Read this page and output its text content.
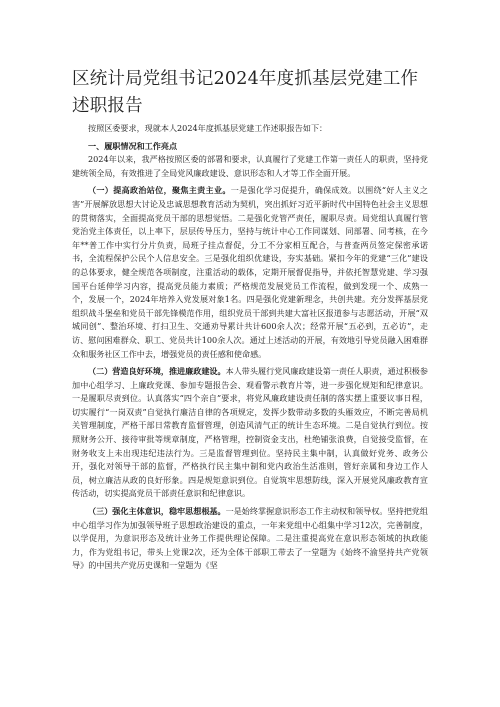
区统计局党组书记2024年度抓基层党建工作述职报告

按照区委要求，现就本人2024年度抓基层党建工作述职报告如下：

一、履职情况和工作亮点

2024年以来，我严格按照区委的部署和要求，认真履行了党建工作第一责任人的职责，坚持党建统领全局，有效推进了全局党风廉政建设、意识形态和人才等工作全面开展。

（一）提高政治站位，聚焦主责主业。一是强化学习促提升，确保成效。以围绕“好人主义之害”开展解放思想大讨论及忠诚思想教育活动为契机，突出抓好习近平新时代中国特色社会主义思想的贯彻落实，全面提高党员干部的思想觉悟。二是强化党管严责任，履职尽责。局党组认真履行管党治党主体责任，以上率下，层层传导压力，坚持与统计中心工作同谋划、同部署、同考核，在今年**普工作中实行分片负责，局班子挂点督促，分工不分家相互配合，与普查两员签定保密承诺书，全流程保护公民个人信息安全。三是强化组织优建设，夯实基础。紧扣今年的党建“三化”建设的总体要求，健全规范各项制度，注重活动的载体，定期开展督促指导，并依托智慧党建、学习强国平台延伸学习内容，提高党员能力素质；严格规范发展党员工作流程，做到发现一个、成熟一个，发展一个，2024年培养入党发展对象1名。四是强化党建新理念，共创共建。充分发挥基层党组织战斗堡垒和党员干部先锋模范作用，组织党员干部到共建大富社区报道参与志愿活动，开展“双城同创”、整治环境、打扫卫生、交通劝导累计共计600余人次；经常开展“五必到，五必访”，走访、慰问困难群众、职工、党员共计100余人次。通过上述活动的开展，有效地引导党员融入困难群众和服务社区工作中去，增强党员的责任感和使命感。

（二）营造良好环境，推进廉政建设。本人带头履行党风廉政建设第一责任人职责，通过积极参加中心组学习、上廉政党课、参加专题报告会、观看警示教育片等，进一步强化规矩和纪律意识。一是履职尽责到位。认真落实“四个亲自”要求，将党风廉政建设责任制的落实摆上重要议事日程，切实履行“一岗双责”自觉执行廉洁自律的各项规定，发挥少数带动多数的头雁效应，不断完善局机关管理制度，严格干部日常教育监督管理，创造风清气正的统计生态环境。二是自觉执行到位。按照财务公开、接待审批等规章制度，严格管理，控制资金支出，杜绝铺张浪费，自觉接受监督，在财务收支上未出现违纪违法行为。三是监督管理到位。坚持民主集中制，认真做好党务、政务公开，强化对领导干部的监督，严格执行民主集中制和党内政治生活准则，管好亲属和身边工作人员，树立廉洁从政的良好形象。四是规矩意识到位。自觉筑牢思想防线，深入开展党风廉政教育宣传活动，切实提高党员干部责任意识和纪律意识。

（三）强化主体意识，稳牢思想根基。一是始终掌握意识形态工作主动权和领导权。坚持把党组中心组学习作为加强领导班子思想政治建设的重点，一年来党组中心组集中学习12次，完善制度，以学促用，为意识形态及统计业务工作提供理论保障。二是注重提高党在意识形态领域的执政能力，作为党组书记，带头上党课2次，还为全体干部职工带去了一堂题为《始终不渝坚持共产党领导》的中国共产党历史课和一堂题为《坚
